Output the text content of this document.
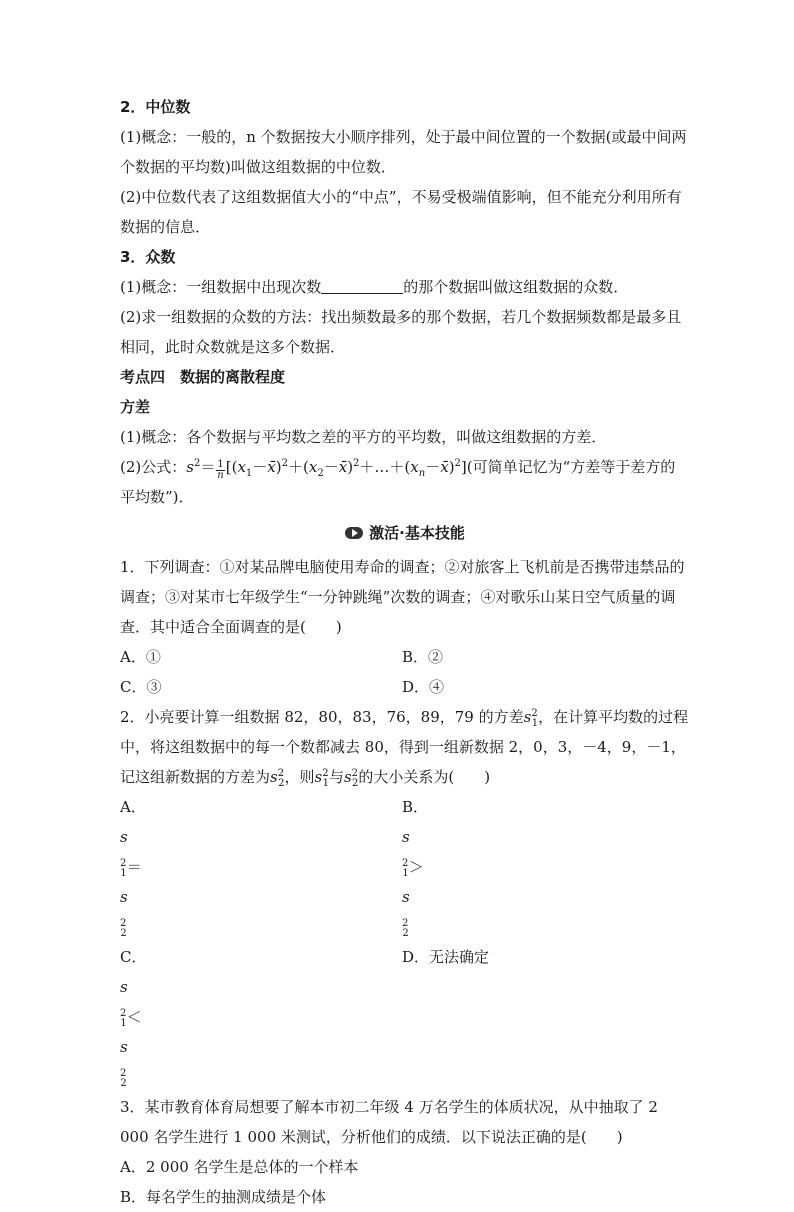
2．中位数

(1)概念：一般的，n 个数据按大小顺序排列，处于最中间位置的一个数据(或最中间两个数据的平均数)叫做这组数据的中位数．

(2)中位数代表了这组数据值大小的“中点”，不易受极端值影响，但不能充分利用所有数据的信息．

3．众数

(1)概念：一组数据中出现次数	的那个数据叫做这组数据的众数．

(2)求一组数据的众数的方法：找出频数最多的那个数据，若几个数据频数都是最多且相同，此时众数就是这多个数据．

考点四　数据的离散程度

方差

(1)概念：各个数据与平均数之差的平方的平均数，叫做这组数据的方差．

(2)公式：$s^2= \frac{1}{n}$ $[(x_1-x̄)^2+(x_2-x̄)^2+\dots+(x_n-x̄)^2]$(可简单记忆为“方差等于差方的平均数”)．

激活·基本技能

1．下列调查：①对某品牌电脑使用寿命的调查；②对旅客上飞机前是否携带违禁品的调查；③对某市七年级学生“一分钟跳绳”次数的调查；④对歌乐山某日空气质量的调查．其中适合全面调查的是(　　)

A．①	B．②

C．③	D．④

2．小亮要计算一组数据 82，80，83，76，89，79 的方差$s^2_1$，在计算平均数的过程中，将这组数据中的每一个数都减去 80，得到一组新数据 2，0，3，－4，9，－1，记这组新数据的方差为$s^2_2$，则$s^2_1$与$s^2_2$的大小关系为(　　)

A．
s
$^2_1$＝
s
$^2_2$

B．
s
$^2_1$＞
s
$^2_2$

C．
s
$^2_1$＜
s
$^2_2$

D．无法确定

3．某市教育体育局想要了解本市初二年级 4 万名学生的体质状况，从中抽取了 2 000 名学生进行 1 000 米测试，分析他们的成绩．以下说法正确的是(　　)

A．2 000 名学生是总体的一个样本

B．每名学生的抽测成绩是个体
